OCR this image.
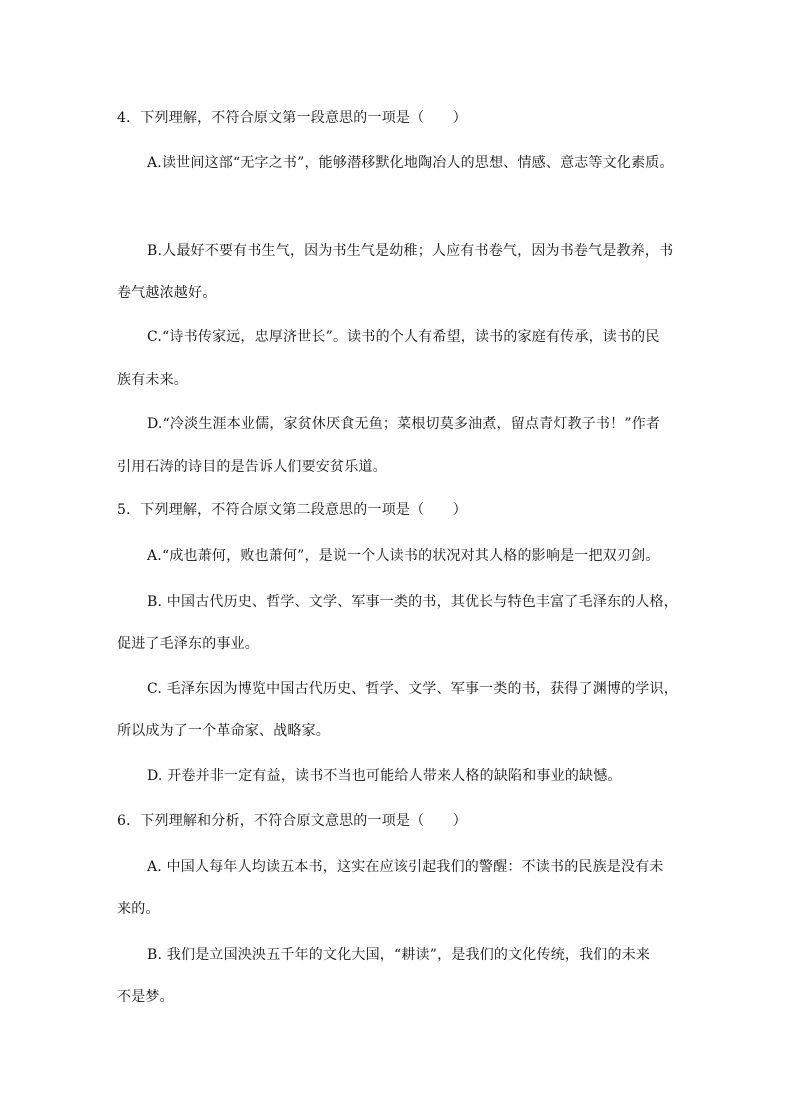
4．下列理解，不符合原文第一段意思的一项是（　　）
A.读世间这部“无字之书”，能够潜移默化地陶冶人的思想、情感、意志等文化素质。
B.人最好不要有书生气，因为书生气是幼稚；人应有书卷气，因为书卷气是教养，书
卷气越浓越好。
C.“诗书传家远，忠厚济世长”。读书的个人有希望，读书的家庭有传承，读书的民
族有未来。
D.“冷淡生涯本业儒，家贫休厌食无鱼；菜根切莫多油煮，留点青灯教子书！”作者
引用石涛的诗目的是告诉人们要安贫乐道。
5．下列理解，不符合原文第二段意思的一项是（　　）
A.“成也萧何，败也萧何”，是说一个人读书的状况对其人格的影响是一把双刃剑。
B. 中国古代历史、哲学、文学、军事一类的书，其优长与特色丰富了毛泽东的人格，
促进了毛泽东的事业。
C. 毛泽东因为博览中国古代历史、哲学、文学、军事一类的书，获得了渊博的学识，
所以成为了一个革命家、战略家。
D. 开卷并非一定有益，读书不当也可能给人带来人格的缺陷和事业的缺憾。
6．下列理解和分析，不符合原文意思的一项是（　　）
A. 中国人每年人均读五本书，这实在应该引起我们的警醒：不读书的民族是没有未
来的。
B. 我们是立国泱泱五千年的文化大国，“耕读”，是我们的文化传统，我们的未来
不是梦。
